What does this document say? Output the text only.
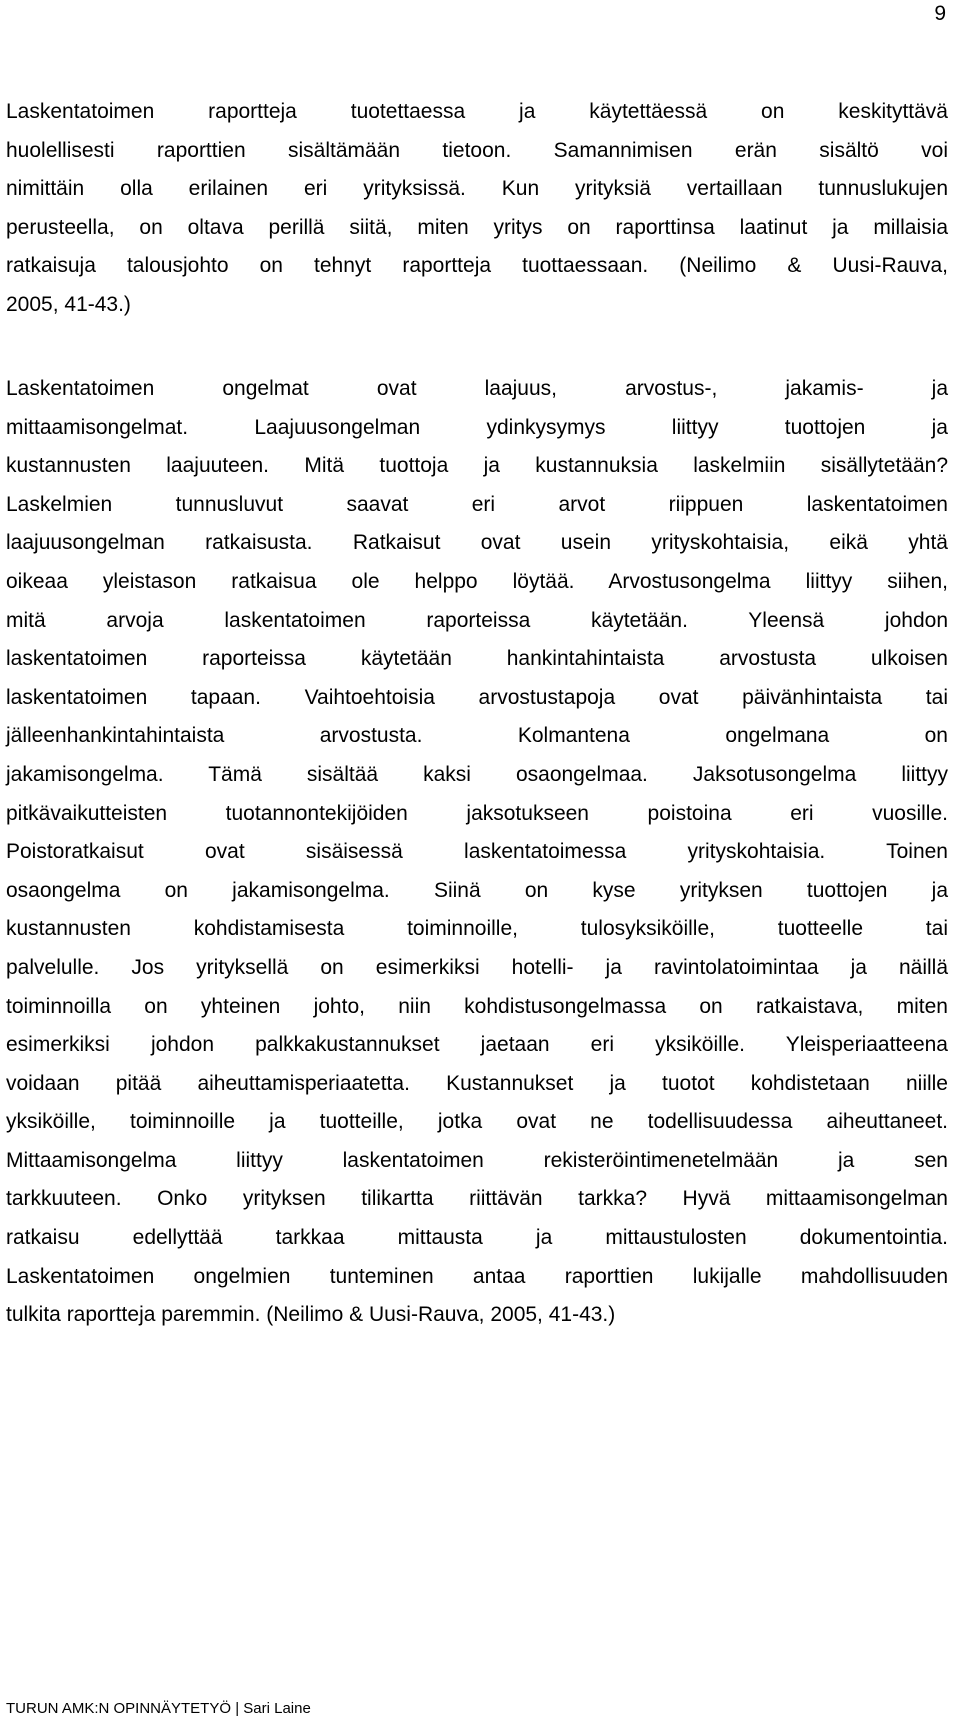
9
Laskentatoimen raportteja tuotettaessa ja käytettäessä on keskityttävä
huolellisesti raporttien sisältämään tietoon. Samannimisen erän sisältö voi
nimittäin olla erilainen eri yrityksissä. Kun yrityksiä vertaillaan tunnuslukujen
perusteella, on oltava perillä siitä, miten yritys on raporttinsa laatinut ja millaisia
ratkaisuja talousjohto on tehnyt raportteja tuottaessaan. (Neilimo & Uusi-Rauva,
2005, 41-43.)
Laskentatoimen ongelmat ovat laajuus, arvostus-, jakamis- ja
mittaamisongelmat. Laajuusongelman ydinkysymys liittyy tuottojen ja
kustannusten laajuuteen. Mitä tuottoja ja kustannuksia laskelmiin sisällytetään?
Laskelmien tunnusluvut saavat eri arvot riippuen laskentatoimen
laajuusongelman ratkaisusta. Ratkaisut ovat usein yrityskohtaisia, eikä yhtä
oikeaa yleistason ratkaisua ole helppo löytää. Arvostusongelma liittyy siihen,
mitä arvoja laskentatoimen raporteissa käytetään. Yleensä johdon
laskentatoimen raporteissa käytetään hankintahintaista arvostusta ulkoisen
laskentatoimen tapaan. Vaihtoehtoisia arvostustapoja ovat päivänhintaista tai
jälleenhankintahintaista arvostusta. Kolmantena ongelmana on
jakamisongelma. Tämä sisältää kaksi osaongelmaa. Jaksotusongelma liittyy
pitkävaikutteisten tuotannontekijöiden jaksotukseen poistoina eri vuosille.
Poistoratkaisut ovat sisäisessä laskentatoimessa yrityskohtaisia. Toinen
osaongelma on jakamisongelma. Siinä on kyse yrityksen tuottojen ja
kustannusten kohdistamisesta toiminnoille, tulosyksiköille, tuotteelle tai
palvelulle. Jos yrityksellä on esimerkiksi hotelli- ja ravintolatoimintaa ja näillä
toiminnoilla on yhteinen johto, niin kohdistusongelmassa on ratkaistava, miten
esimerkiksi johdon palkkakustannukset jaetaan eri yksiköille. Yleisperiaatteena
voidaan pitää aiheuttamisperiaatetta. Kustannukset ja tuotot kohdistetaan niille
yksiköille, toiminnoille ja tuotteille, jotka ovat ne todellisuudessa aiheuttaneet.
Mittaamisongelma liittyy laskentatoimen rekisteröintimenetelmään ja sen
tarkkuuteen. Onko yrityksen tilikartta riittävän tarkka? Hyvä mittaamisongelman
ratkaisu edellyttää tarkkaa mittausta ja mittaustulosten dokumentointia.
Laskentatoimen ongelmien tunteminen antaa raporttien lukijalle mahdollisuuden
tulkita raportteja paremmin. (Neilimo & Uusi-Rauva, 2005, 41-43.)
TURUN AMK:N OPINNÄYTETYÖ | Sari Laine
